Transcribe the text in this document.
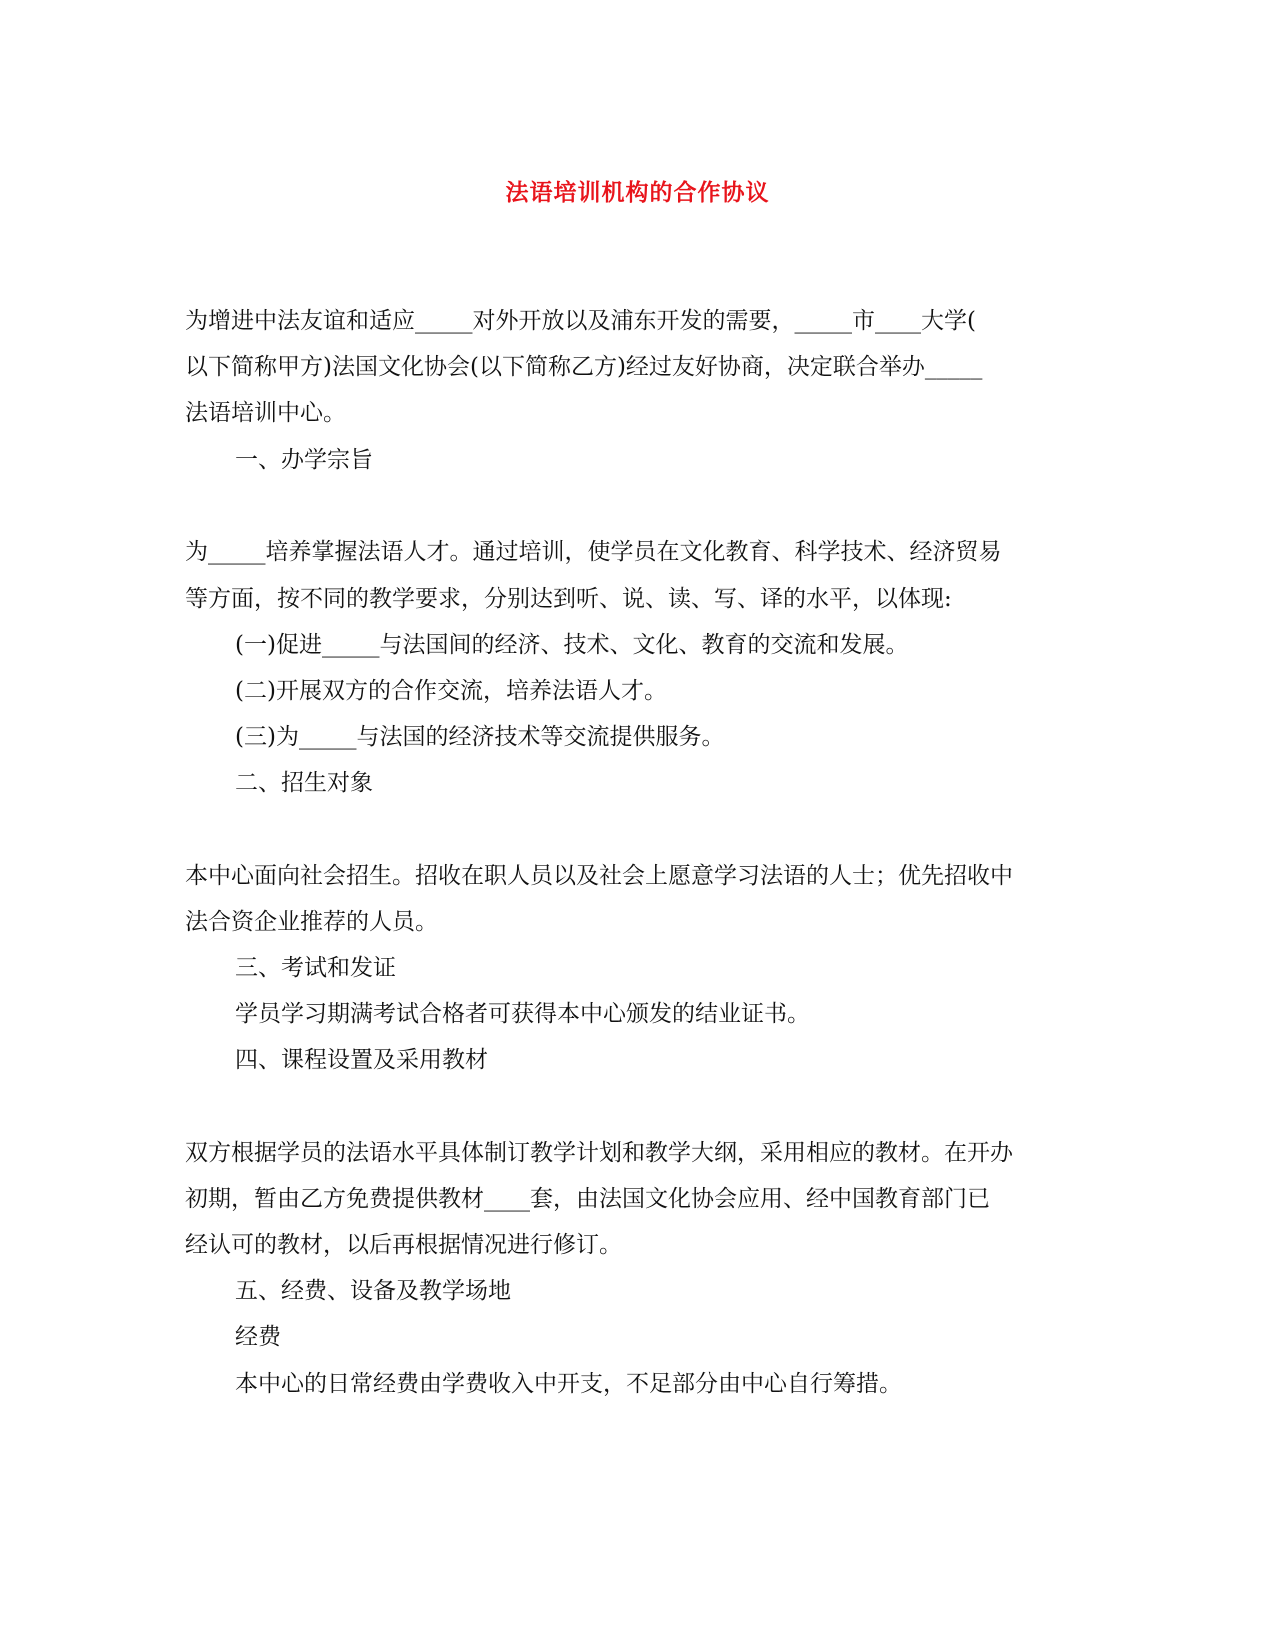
法语培训机构的合作协议
为增进中法友谊和适应_____对外开放以及浦东开发的需要，_____市____大学(
以下简称甲方)法国文化协会(以下简称乙方)经过友好协商，决定联合举办_____
法语培训中心。
一、办学宗旨
为_____培养掌握法语人才。通过培训，使学员在文化教育、科学技术、经济贸易
等方面，按不同的教学要求，分别达到听、说、读、写、译的水平，以体现:
(一)促进_____与法国间的经济、技术、文化、教育的交流和发展。
(二)开展双方的合作交流，培养法语人才。
(三)为_____与法国的经济技术等交流提供服务。
二、招生对象
本中心面向社会招生。招收在职人员以及社会上愿意学习法语的人士；优先招收中
法合资企业推荐的人员。
三、考试和发证
学员学习期满考试合格者可获得本中心颁发的结业证书。
四、课程设置及采用教材
双方根据学员的法语水平具体制订教学计划和教学大纲，采用相应的教材。在开办
初期，暂由乙方免费提供教材____套，由法国文化协会应用、经中国教育部门已
经认可的教材，以后再根据情况进行修订。
五、经费、设备及教学场地
经费
本中心的日常经费由学费收入中开支，不足部分由中心自行筹措。
